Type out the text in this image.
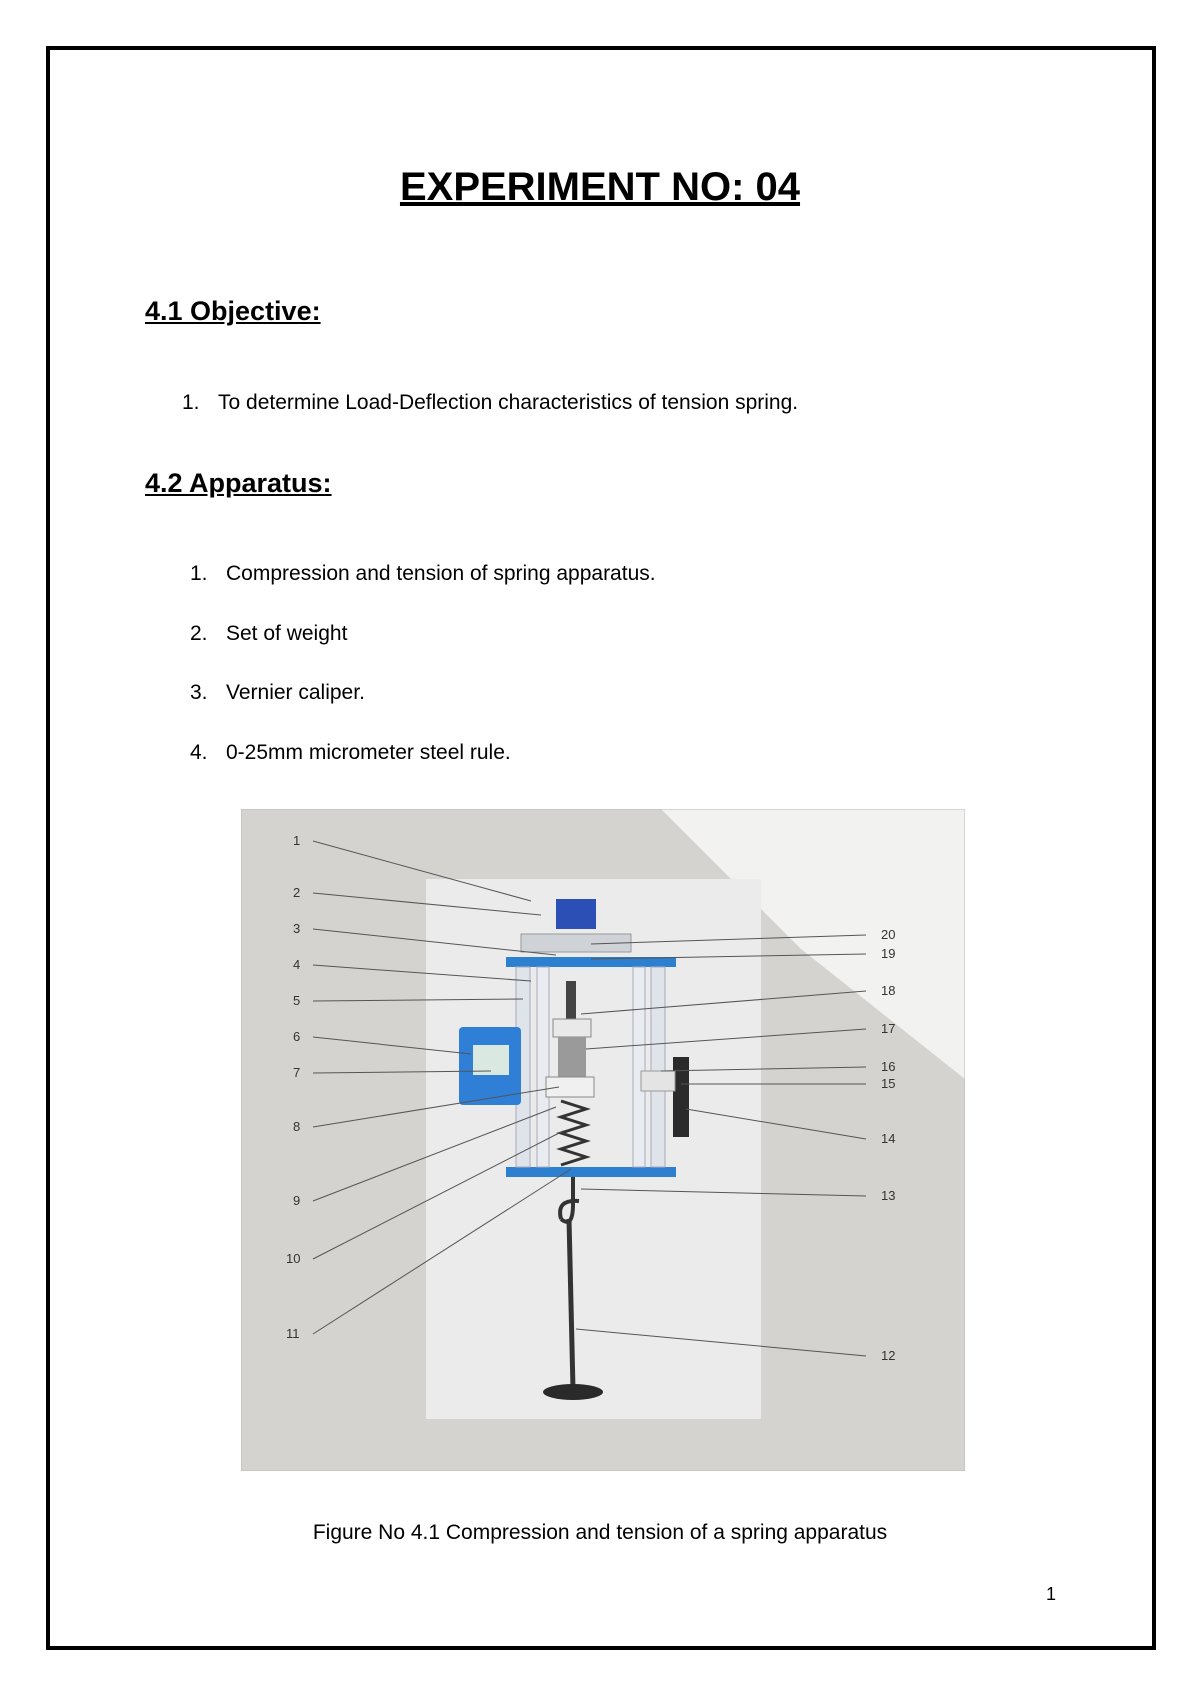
EXPERIMENT NO: 04
4.1 Objective:
1. To determine Load-Deflection characteristics of tension spring.
4.2 Apparatus:
1. Compression and tension of spring apparatus.
2. Set of weight
3. Vernier caliper.
4. 0-25mm micrometer steel rule.
1
2
3
4
5
6
7
8
9
10
11
20
19
18
17
16
15
14
13
12
Figure No 4.1 Compression and tension of a spring apparatus
1
